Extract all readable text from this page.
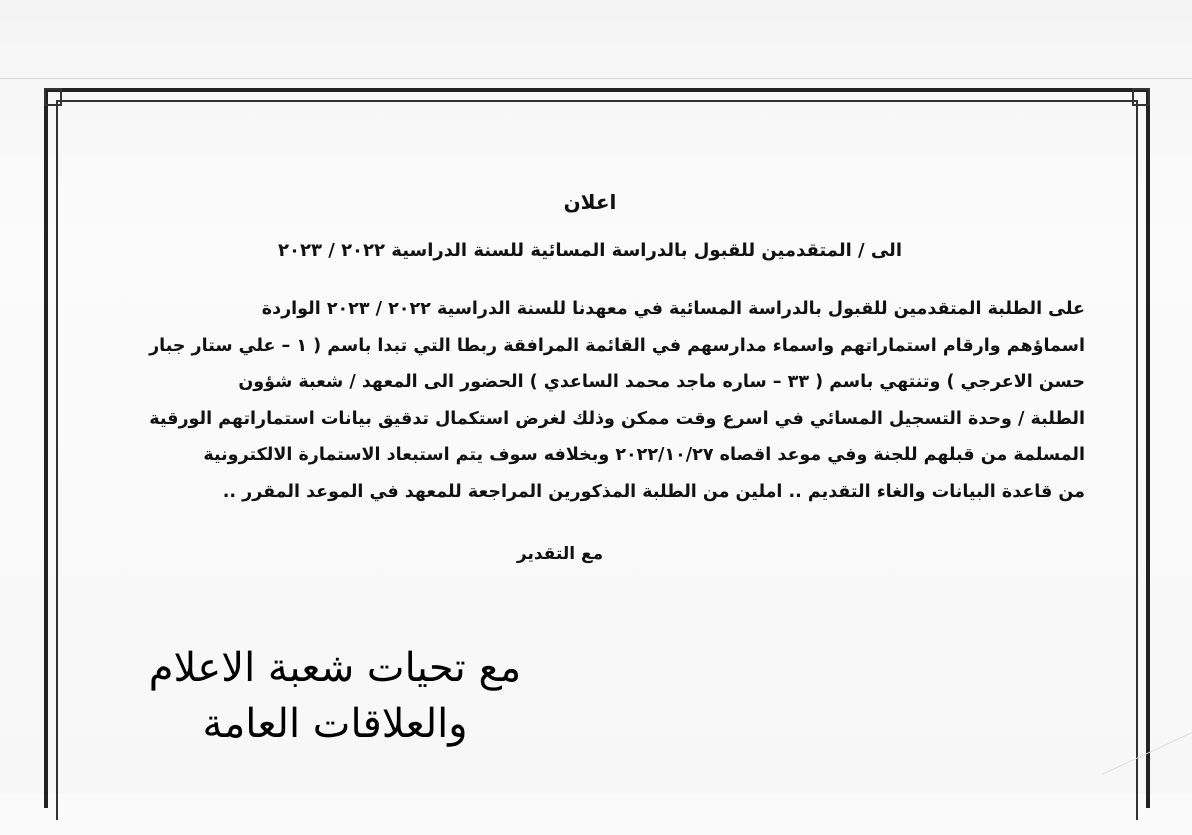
اعلان
الى / المتقدمين للقبول بالدراسة المسائية للسنة الدراسية ٢٠٢٢ / ٢٠٢٣
على الطلبة المتقدمين للقبول بالدراسة المسائية في معهدنا للسنة الدراسية ٢٠٢٢ / ٢٠٢٣ الواردة
اسماؤهم وارقام استماراتهم واسماء مدارسهم في القائمة المرافقة ربطا التي تبدا باسم ( ١ – علي ستار جبار
حسن الاعرجي ) وتنتهي باسم ( ٣٣ – ساره ماجد محمد الساعدي ) الحضور الى المعهد / شعبة شؤون
الطلبة / وحدة التسجيل المسائي في اسرع وقت ممكن وذلك لغرض استكمال تدقيق بيانات استماراتهم الورقية
المسلمة من قبلهم للجنة وفي موعد اقصاه ٢٠٢٢/١٠/٢٧ وبخلافه سوف يتم استبعاد الاستمارة الالكترونية
من قاعدة البيانات والغاء التقديم .. املين من الطلبة المذكورين المراجعة للمعهد في الموعد المقرر ..
مع التقدير
مع تحيات شعبة الاعلام
والعلاقات العامة
